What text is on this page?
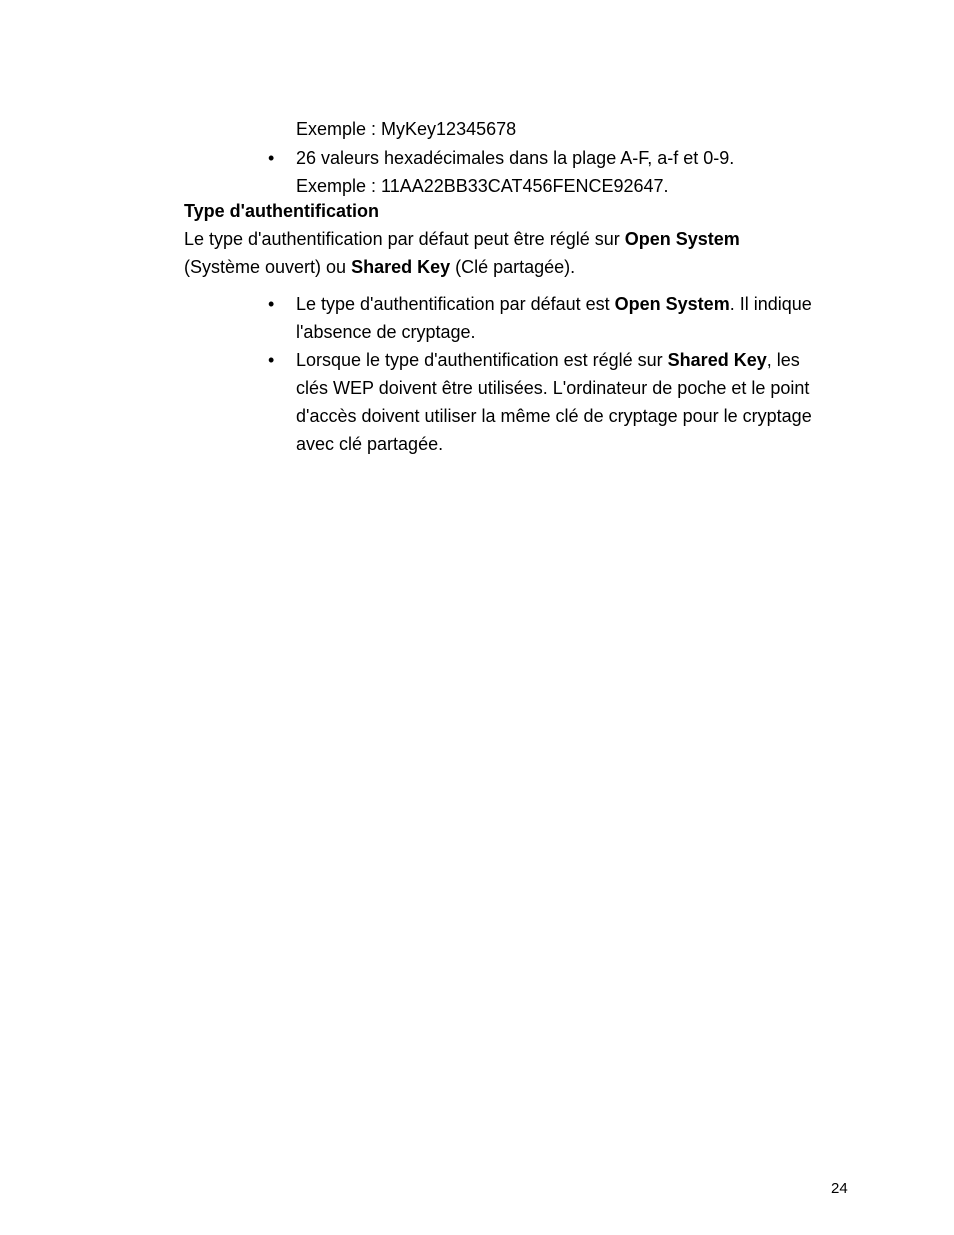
Exemple : MyKey12345678
• 26 valeurs hexadécimales dans la plage A-F, a-f et 0-9.
Exemple : 11AA22BB33CAT456FENCE92647.
Type d'authentification
Le type d'authentification par défaut peut être réglé sur Open System
(Système ouvert) ou Shared Key (Clé partagée).
• Le type d'authentification par défaut est Open System. Il indique
l'absence de cryptage.
• Lorsque le type d'authentification est réglé sur Shared Key, les
clés WEP doivent être utilisées. L'ordinateur de poche et le point
d'accès doivent utiliser la même clé de cryptage pour le cryptage
avec clé partagée.
24
